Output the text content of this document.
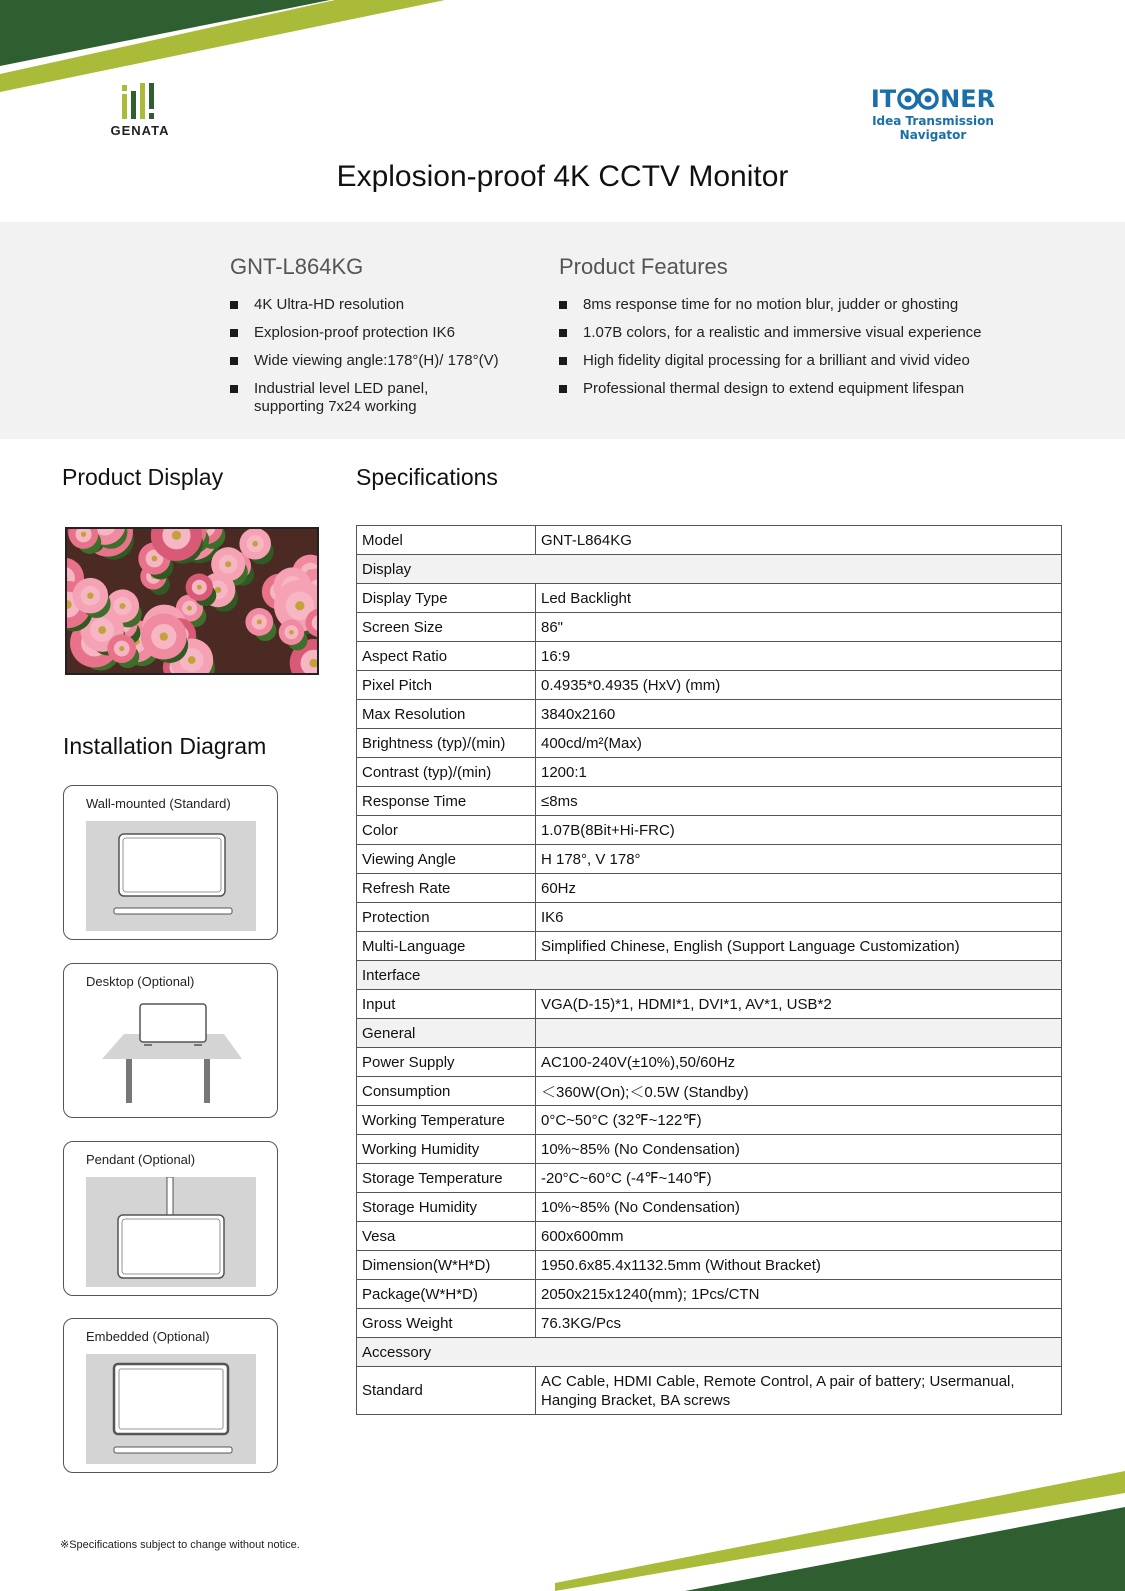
GENATA
IT NER
Idea Transmission Navigator
Explosion-proof 4K CCTV Monitor
GNT-L864KG
4K Ultra-HD resolution
Explosion-proof protection IK6
Wide viewing angle:178°(H)/ 178°(V)
Industrial level LED panel, supporting 7x24 working
Product Features
8ms response time for no motion blur, judder or ghosting
1.07B colors, for a realistic and immersive visual experience
High fidelity digital processing for a brilliant and vivid video
Professional thermal design to extend equipment lifespan
Product Display
Installation Diagram
Wall-mounted (Standard)
Desktop (Optional)
Pendant (Optional)
Embedded (Optional)
Specifications
Model	GNT-L864KG
Display	
Display Type	Led Backlight
Screen Size	86"
Aspect Ratio	16:9
Pixel Pitch	0.4935*0.4935 (HxV) (mm)
Max Resolution	3840x2160
Brightness (typ)/(min)	400cd/m²(Max)
Contrast (typ)/(min)	1200:1
Response Time	≤8ms
Color	1.07B(8Bit+Hi-FRC)
Viewing Angle	H 178°, V 178°
Refresh Rate	60Hz
Protection	IK6
Multi-Language	Simplified Chinese, English (Support Language Customization)
Interface	
Input	VGA(D-15)*1, HDMI*1, DVI*1, AV*1, USB*2
General	
Power Supply	AC100-240V(±10%),50/60Hz
Consumption	＜360W(On);＜0.5W (Standby)
Working Temperature	0°C~50°C (32℉~122℉)
Working Humidity	10%~85% (No Condensation)
Storage Temperature	-20°C~60°C (-4℉~140℉)
Storage Humidity	10%~85% (No Condensation)
Vesa	600x600mm
Dimension(W*H*D)	1950.6x85.4x1132.5mm (Without Bracket)
Package(W*H*D)	2050x215x1240(mm); 1Pcs/CTN
Gross Weight	76.3KG/Pcs
Accessory	
Standard	AC Cable, HDMI Cable, Remote Control, A pair of battery; Usermanual, Hanging Bracket, BA screws
※Specifications subject to change without notice.
